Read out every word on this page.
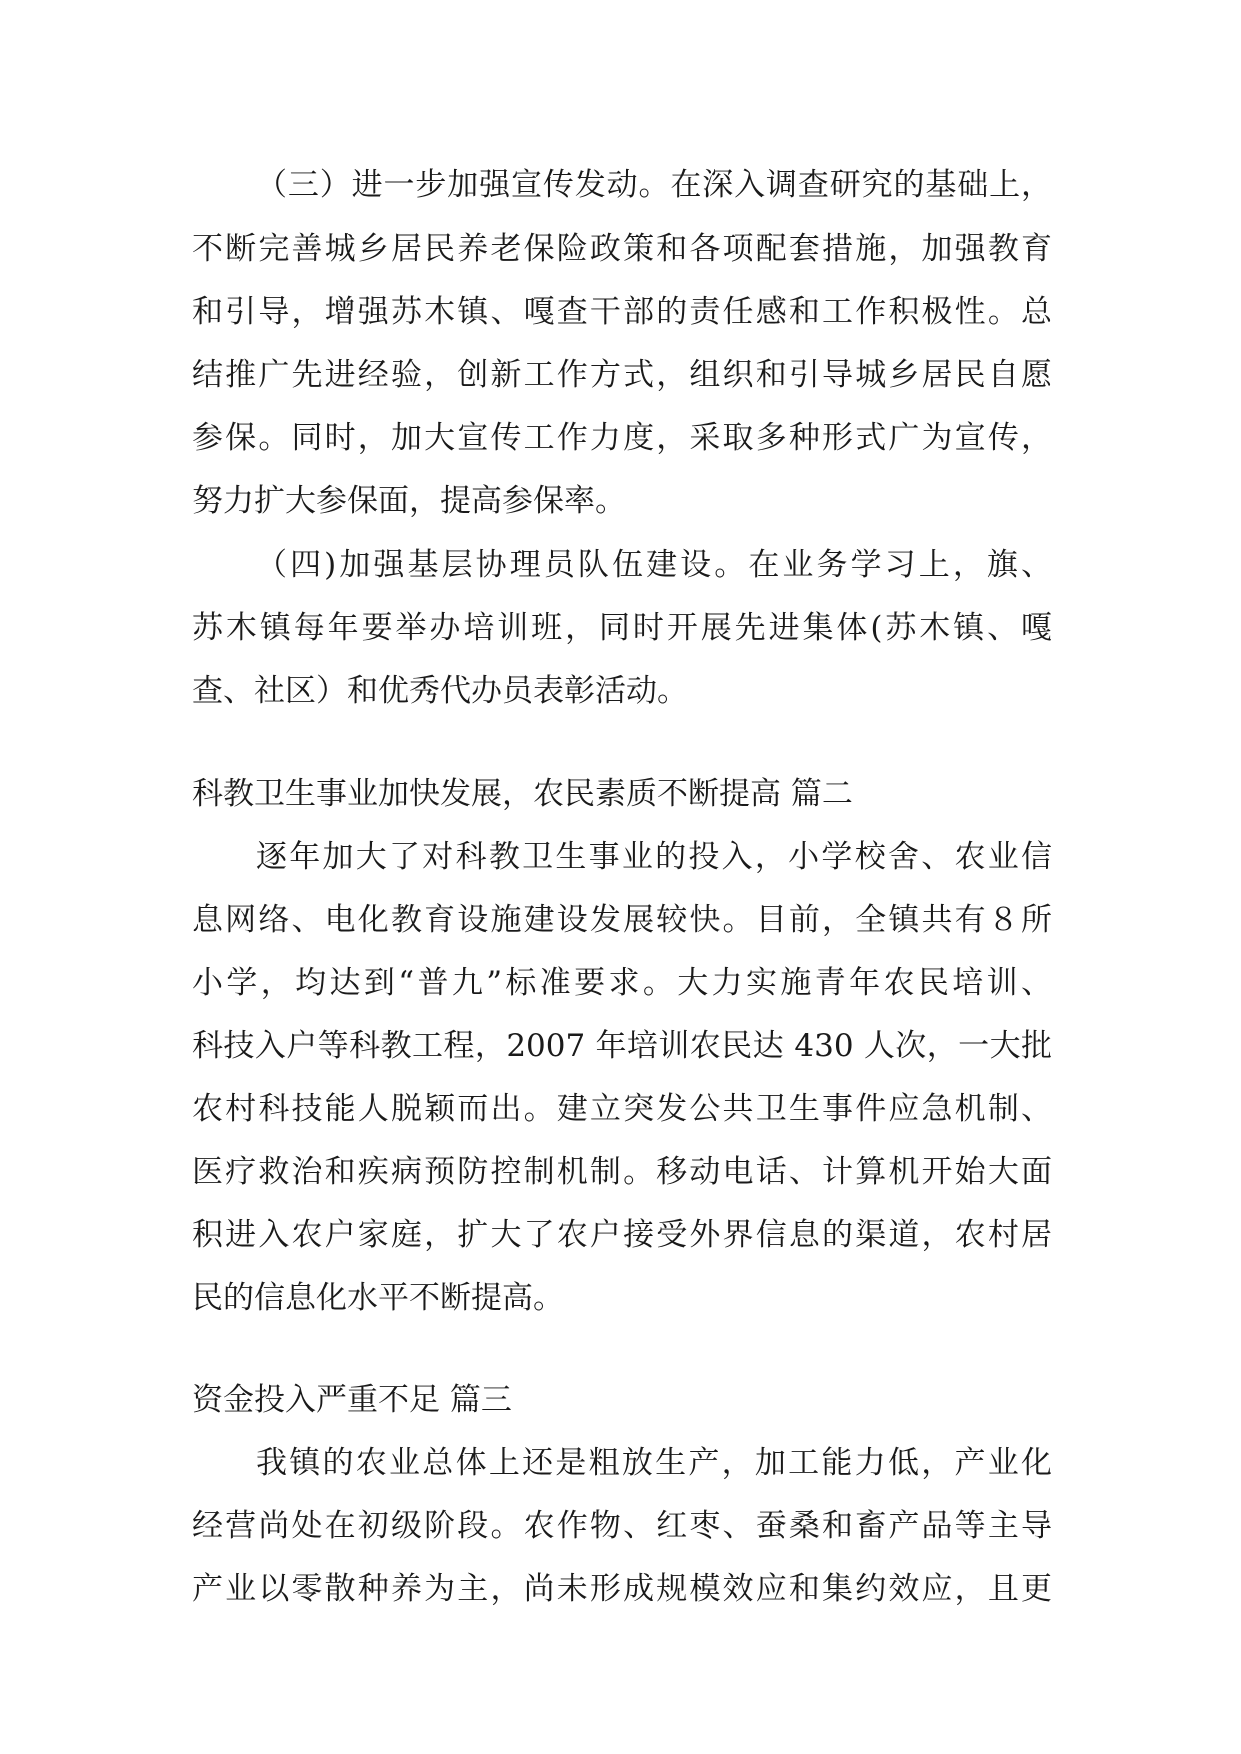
（三）进一步加强宣传发动。在深入调查研究的基础上，
不断完善城乡居民养老保险政策和各项配套措施，加强教育
和引导，增强苏木镇、嘎查干部的责任感和工作积极性。总
结推广先进经验，创新工作方式，组织和引导城乡居民自愿
参保。同时，加大宣传工作力度，采取多种形式广为宣传，
努力扩大参保面，提高参保率。
（四)加强基层协理员队伍建设。在业务学习上，旗、
苏木镇每年要举办培训班，同时开展先进集体(苏木镇、嘎
查、社区）和优秀代办员表彰活动。
科教卫生事业加快发展，农民素质不断提高 篇二
逐年加大了对科教卫生事业的投入，小学校舍、农业信
息网络、电化教育设施建设发展较快。目前，全镇共有８所
小学，均达到“普九”标准要求。大力实施青年农民培训、
科技入户等科教工程，2007 年培训农民达 430 人次，一大批
农村科技能人脱颖而出。建立突发公共卫生事件应急机制、
医疗救治和疾病预防控制机制。移动电话、计算机开始大面
积进入农户家庭，扩大了农户接受外界信息的渠道，农村居
民的信息化水平不断提高。
资金投入严重不足 篇三
我镇的农业总体上还是粗放生产，加工能力低，产业化
经营尚处在初级阶段。农作物、红枣、蚕桑和畜产品等主导
产业以零散种养为主，尚未形成规模效应和集约效应，且更
